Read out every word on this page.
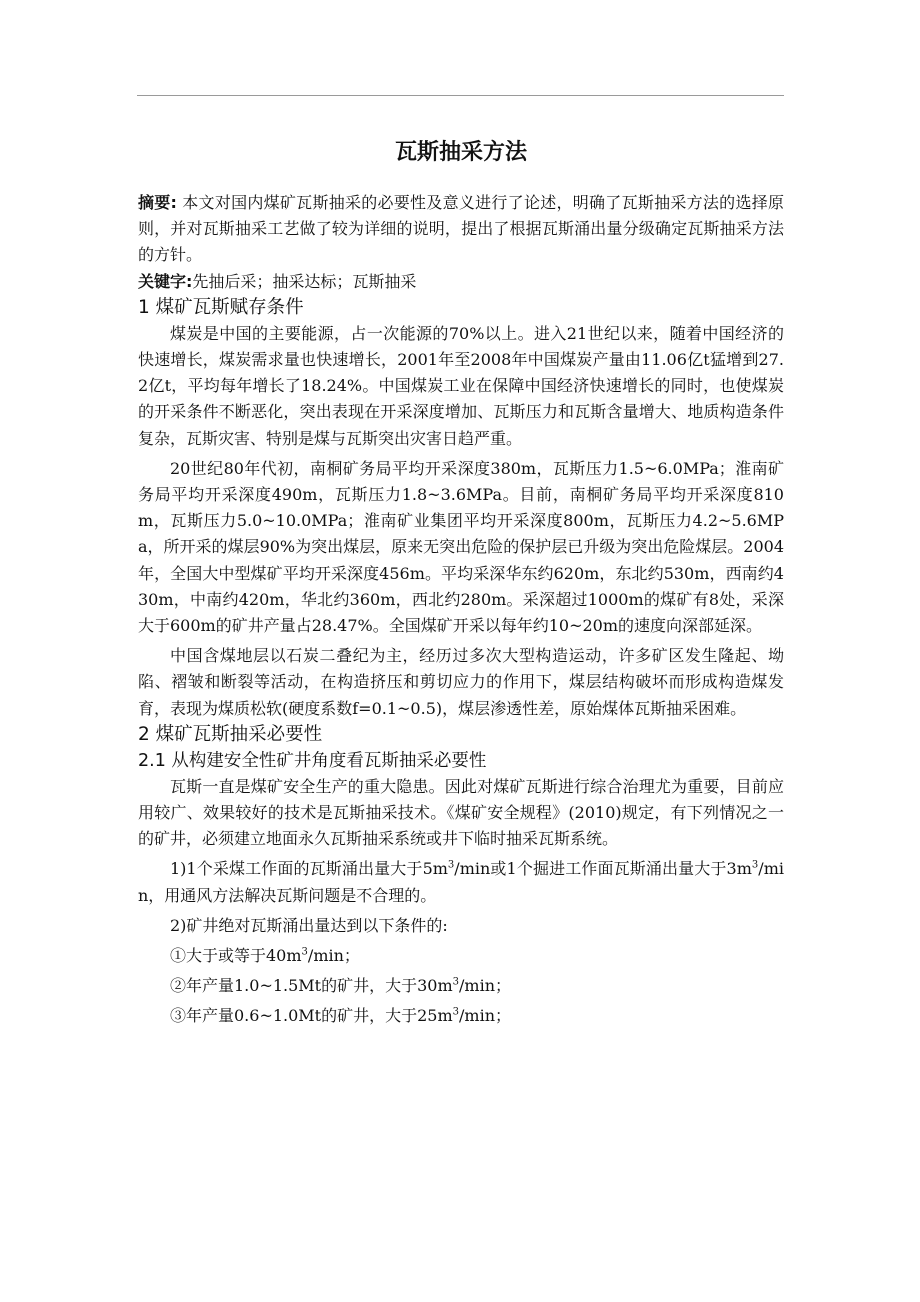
瓦斯抽采方法

摘要: 本文对国内煤矿瓦斯抽采的必要性及意义进行了论述，明确了瓦斯抽采方法的选择原则，并对瓦斯抽采工艺做了较为详细的说明，提出了根据瓦斯涌出量分级确定瓦斯抽采方法的方针。

关键字:先抽后采；抽采达标；瓦斯抽采

1 煤矿瓦斯赋存条件

煤炭是中国的主要能源，占一次能源的70%以上。进入21世纪以来，随着中国经济的快速增长，煤炭需求量也快速增长，2001年至2008年中国煤炭产量由11.06亿t猛增到27.2亿t，平均每年增长了18.24%。中国煤炭工业在保障中国经济快速增长的同时，也使煤炭的开采条件不断恶化，突出表现在开采深度增加、瓦斯压力和瓦斯含量增大、地质构造条件复杂，瓦斯灾害、特别是煤与瓦斯突出灾害日趋严重。

20世纪80年代初，南桐矿务局平均开采深度380m，瓦斯压力1.5~6.0MPa；淮南矿务局平均开采深度490m，瓦斯压力1.8~3.6MPa。目前，南桐矿务局平均开采深度810m，瓦斯压力5.0~10.0MPa；淮南矿业集团平均开采深度800m，瓦斯压力4.2~5.6MPa，所开采的煤层90%为突出煤层，原来无突出危险的保护层已升级为突出危险煤层。2004年，全国大中型煤矿平均开采深度456m。平均采深华东约620m，东北约530m，西南约430m，中南约420m，华北约360m，西北约280m。采深超过1000m的煤矿有8处，采深大于600m的矿井产量占28.47%。全国煤矿开采以每年约10~20m的速度向深部延深。

中国含煤地层以石炭二叠纪为主，经历过多次大型构造运动，许多矿区发生隆起、坳陷、褶皱和断裂等活动，在构造挤压和剪切应力的作用下，煤层结构破坏而形成构造煤发育，表现为煤质松软(硬度系数f=0.1~0.5)，煤层渗透性差，原始煤体瓦斯抽采困难。

2 煤矿瓦斯抽采必要性
2.1 从构建安全性矿井角度看瓦斯抽采必要性

瓦斯一直是煤矿安全生产的重大隐患。因此对煤矿瓦斯进行综合治理尤为重要，目前应用较广、效果较好的技术是瓦斯抽采技术。《煤矿安全规程》(2010)规定，有下列情况之一的矿井，必须建立地面永久瓦斯抽采系统或井下临时抽采瓦斯系统。

1)1个采煤工作面的瓦斯涌出量大于$5m^3/\min$或1个掘进工作面瓦斯涌出量大于$3m^3/\min$，用通风方法解决瓦斯问题是不合理的。

2)矿井绝对瓦斯涌出量达到以下条件的:

①大于或等于$40m^3/\min$；

②年产量1.0~1.5Mt的矿井，大于$30m^3/\min$；

③年产量0.6~1.0Mt的矿井，大于$25m^3/\min$；
